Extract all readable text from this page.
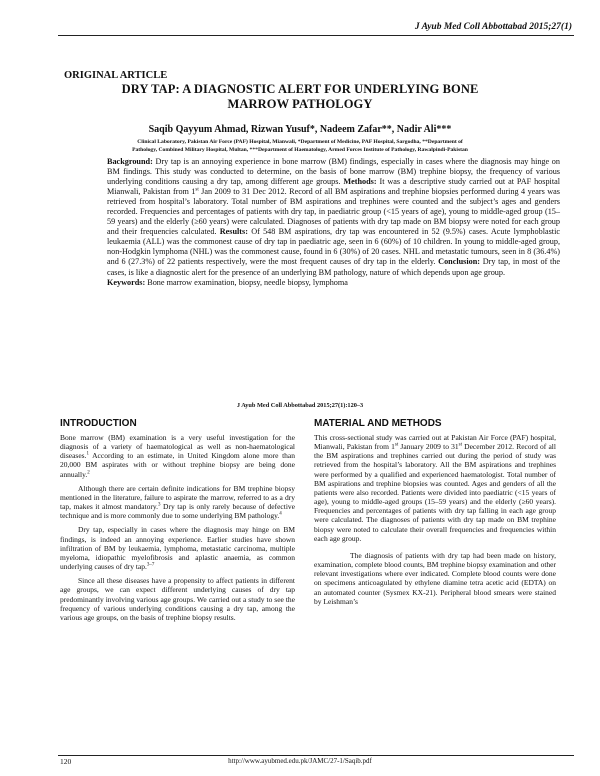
J Ayub Med Coll Abbottabad 2015;27(1)
ORIGINAL ARTICLE
DRY TAP: A DIAGNOSTIC ALERT FOR UNDERLYING BONE
MARROW PATHOLOGY
Saqib Qayyum Ahmad, Rizwan Yusuf*, Nadeem Zafar**, Nadir Ali***
Clinical Laboratory, Pakistan Air Force (PAF) Hospital, Mianwali, *Department of Medicine, PAF Hospital, Sargodha, **Department of
Pathology, Combined Military Hospital, Multan, ***Department of Haematology, Armed Forces Institute of Pathology, Rawalpindi-Pakistan
Background: Dry tap is an annoying experience in bone marrow (BM) findings, especially in cases where the diagnosis may hinge on BM findings. This study was conducted to determine, on the basis of bone marrow (BM) trephine biopsy, the frequency of various underlying conditions causing a dry tap, among different age groups. Methods: It was a descriptive study carried out at PAF hospital Mianwali, Pakistan from 1st Jan 2009 to 31 Dec 2012. Record of all BM aspirations and trephine biopsies performed during 4 years was retrieved from hospital’s laboratory. Total number of BM aspirations and trephines were counted and the subject’s ages and genders recorded. Frequencies and percentages of patients with dry tap, in paediatric group (<15 years of age), young to middle-aged group (15–59 years) and the elderly (≥60 years) were calculated. Diagnoses of patients with dry tap made on BM biopsy were noted for each group and their frequencies calculated. Results: Of 548 BM aspirations, dry tap was encountered in 52 (9.5%) cases. Acute lymphoblastic leukaemia (ALL) was the commonest cause of dry tap in paediatric age, seen in 6 (60%) of 10 children. In young to middle-aged group, non-Hodgkin lymphoma (NHL) was the commonest cause, found in 6 (30%) of 20 cases. NHL and metastatic tumours, seen in 8 (36.4%) and 6 (27.3%) of 22 patients respectively, were the most frequent causes of dry tap in the elderly. Conclusion: Dry tap, in most of the cases, is like a diagnostic alert for the presence of an underlying BM pathology, nature of which depends upon age group.
Keywords: Bone marrow examination, biopsy, needle biopsy, lymphoma
J Ayub Med Coll Abbottabad 2015;27(1):120–3
INTRODUCTION

Bone marrow (BM) examination is a very useful investigation for the diagnosis of a variety of haematological as well as non-haematological diseases.$^1$ According to an estimate, in United Kingdom alone more than 20,000 BM aspirates with or without trephine biopsy are being done annually.$^2$

Although there are certain definite indications for BM trephine biopsy mentioned in the literature, failure to aspirate the marrow, referred to as a dry tap, makes it almost mandatory.$^3$ Dry tap is only rarely because of defective technique and is more commonly due to some underlying BM pathology.$^4$

Dry tap, especially in cases where the diagnosis may hinge on BM findings, is indeed an annoying experience. Earlier studies have shown infiltration of BM by leukaemia, lymphoma, metastatic carcinoma, multiple myeloma, idiopathic myelofibrosis and aplastic anaemia, as common underlying causes of dry tap.$^{3-7}$

Since all these diseases have a propensity to affect patients in different age groups, we can expect different underlying causes of dry tap predominantly involving various age groups. We carried out a study to see the frequency of various underlying conditions causing a dry tap, among the various age groups, on the basis of trephine biopsy results.

MATERIAL AND METHODS

This cross-sectional study was carried out at Pakistan Air Force (PAF) hospital, Mianwali, Pakistan from 1st January 2009 to 31st December 2012. Record of all the BM aspirations and trephines carried out during the period of study was retrieved from the hospital’s laboratory. All the BM aspirations and trephines were performed by a qualified and experienced haematologist. Total number of BM aspirations and trephine biopsies was counted. Ages and genders of all the patients were also recorded. Patients were divided into paediatric (<15 years of age), young to middle-aged groups (15–59 years) and the elderly (≥60 years). Frequencies and percentages of patients with dry tap falling in each age group were calculated. The diagnoses of patients with dry tap made on BM trephine biopsy were noted to calculate their overall frequencies and frequencies within each age group.

The diagnosis of patients with dry tap had been made on history, examination, complete blood counts, BM trephine biopsy examination and other relevant investigations where ever indicated. Complete blood counts were done on specimens anticoagulated by ethylene diamine tetra acetic acid (EDTA) on an automated counter (Sysmex KX-21). Peripheral blood smears were stained by Leishman’s

120	http://www.ayubmed.edu.pk/JAMC/27-1/Saqib.pdf
